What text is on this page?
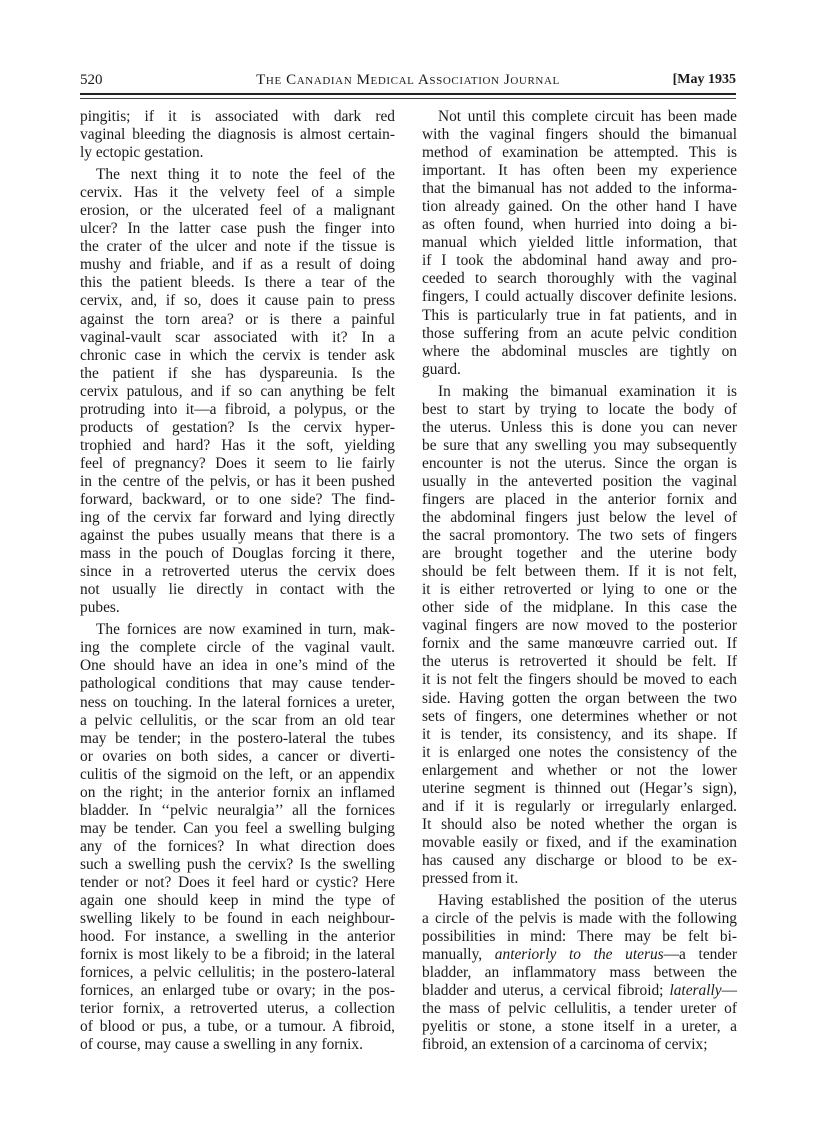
520	The Canadian Medical Association Journal	[May 1935
pingitis; if it is associated with dark red
vaginal bleeding the diagnosis is almost certain-
ly ectopic gestation.
The next thing it to note the feel of the
cervix. Has it the velvety feel of a simple
erosion, or the ulcerated feel of a malignant
ulcer? In the latter case push the finger into
the crater of the ulcer and note if the tissue is
mushy and friable, and if as a result of doing
this the patient bleeds. Is there a tear of the
cervix, and, if so, does it cause pain to press
against the torn area? or is there a painful
vaginal-vault scar associated with it? In a
chronic case in which the cervix is tender ask
the patient if she has dyspareunia. Is the
cervix patulous, and if so can anything be felt
protruding into it—a fibroid, a polypus, or the
products of gestation? Is the cervix hyper-
trophied and hard? Has it the soft, yielding
feel of pregnancy? Does it seem to lie fairly
in the centre of the pelvis, or has it been pushed
forward, backward, or to one side? The find-
ing of the cervix far forward and lying directly
against the pubes usually means that there is a
mass in the pouch of Douglas forcing it there,
since in a retroverted uterus the cervix does
not usually lie directly in contact with the
pubes.
The fornices are now examined in turn, mak-
ing the complete circle of the vaginal vault.
One should have an idea in one’s mind of the
pathological conditions that may cause tender-
ness on touching. In the lateral fornices a ureter,
a pelvic cellulitis, or the scar from an old tear
may be tender; in the postero-lateral the tubes
or ovaries on both sides, a cancer or diverti-
culitis of the sigmoid on the left, or an appendix
on the right; in the anterior fornix an inflamed
bladder. In ‘‘pelvic neuralgia’’ all the fornices
may be tender. Can you feel a swelling bulging
any of the fornices? In what direction does
such a swelling push the cervix? Is the swelling
tender or not? Does it feel hard or cystic? Here
again one should keep in mind the type of
swelling likely to be found in each neighbour-
hood. For instance, a swelling in the anterior
fornix is most likely to be a fibroid; in the lateral
fornices, a pelvic cellulitis; in the postero-lateral
fornices, an enlarged tube or ovary; in the pos-
terior fornix, a retroverted uterus, a collection
of blood or pus, a tube, or a tumour. A fibroid,
of course, may cause a swelling in any fornix.
Not until this complete circuit has been made
with the vaginal fingers should the bimanual
method of examination be attempted. This is
important. It has often been my experience
that the bimanual has not added to the informa-
tion already gained. On the other hand I have
as often found, when hurried into doing a bi-
manual which yielded little information, that
if I took the abdominal hand away and pro-
ceeded to search thoroughly with the vaginal
fingers, I could actually discover definite lesions.
This is particularly true in fat patients, and in
those suffering from an acute pelvic condition
where the abdominal muscles are tightly on
guard.
In making the bimanual examination it is
best to start by trying to locate the body of
the uterus. Unless this is done you can never
be sure that any swelling you may subsequently
encounter is not the uterus. Since the organ is
usually in the anteverted position the vaginal
fingers are placed in the anterior fornix and
the abdominal fingers just below the level of
the sacral promontory. The two sets of fingers
are brought together and the uterine body
should be felt between them. If it is not felt,
it is either retroverted or lying to one or the
other side of the midplane. In this case the
vaginal fingers are now moved to the posterior
fornix and the same manœuvre carried out. If
the uterus is retroverted it should be felt. If
it is not felt the fingers should be moved to each
side. Having gotten the organ between the two
sets of fingers, one determines whether or not
it is tender, its consistency, and its shape. If
it is enlarged one notes the consistency of the
enlargement and whether or not the lower
uterine segment is thinned out (Hegar’s sign),
and if it is regularly or irregularly enlarged.
It should also be noted whether the organ is
movable easily or fixed, and if the examination
has caused any discharge or blood to be ex-
pressed from it.
Having established the position of the uterus
a circle of the pelvis is made with the following
possibilities in mind: There may be felt bi-
manually, anteriorly to the uterus—a tender
bladder, an inflammatory mass between the
bladder and uterus, a cervical fibroid; laterally—
the mass of pelvic cellulitis, a tender ureter of
pyelitis or stone, a stone itself in a ureter, a
fibroid, an extension of a carcinoma of cervix;
